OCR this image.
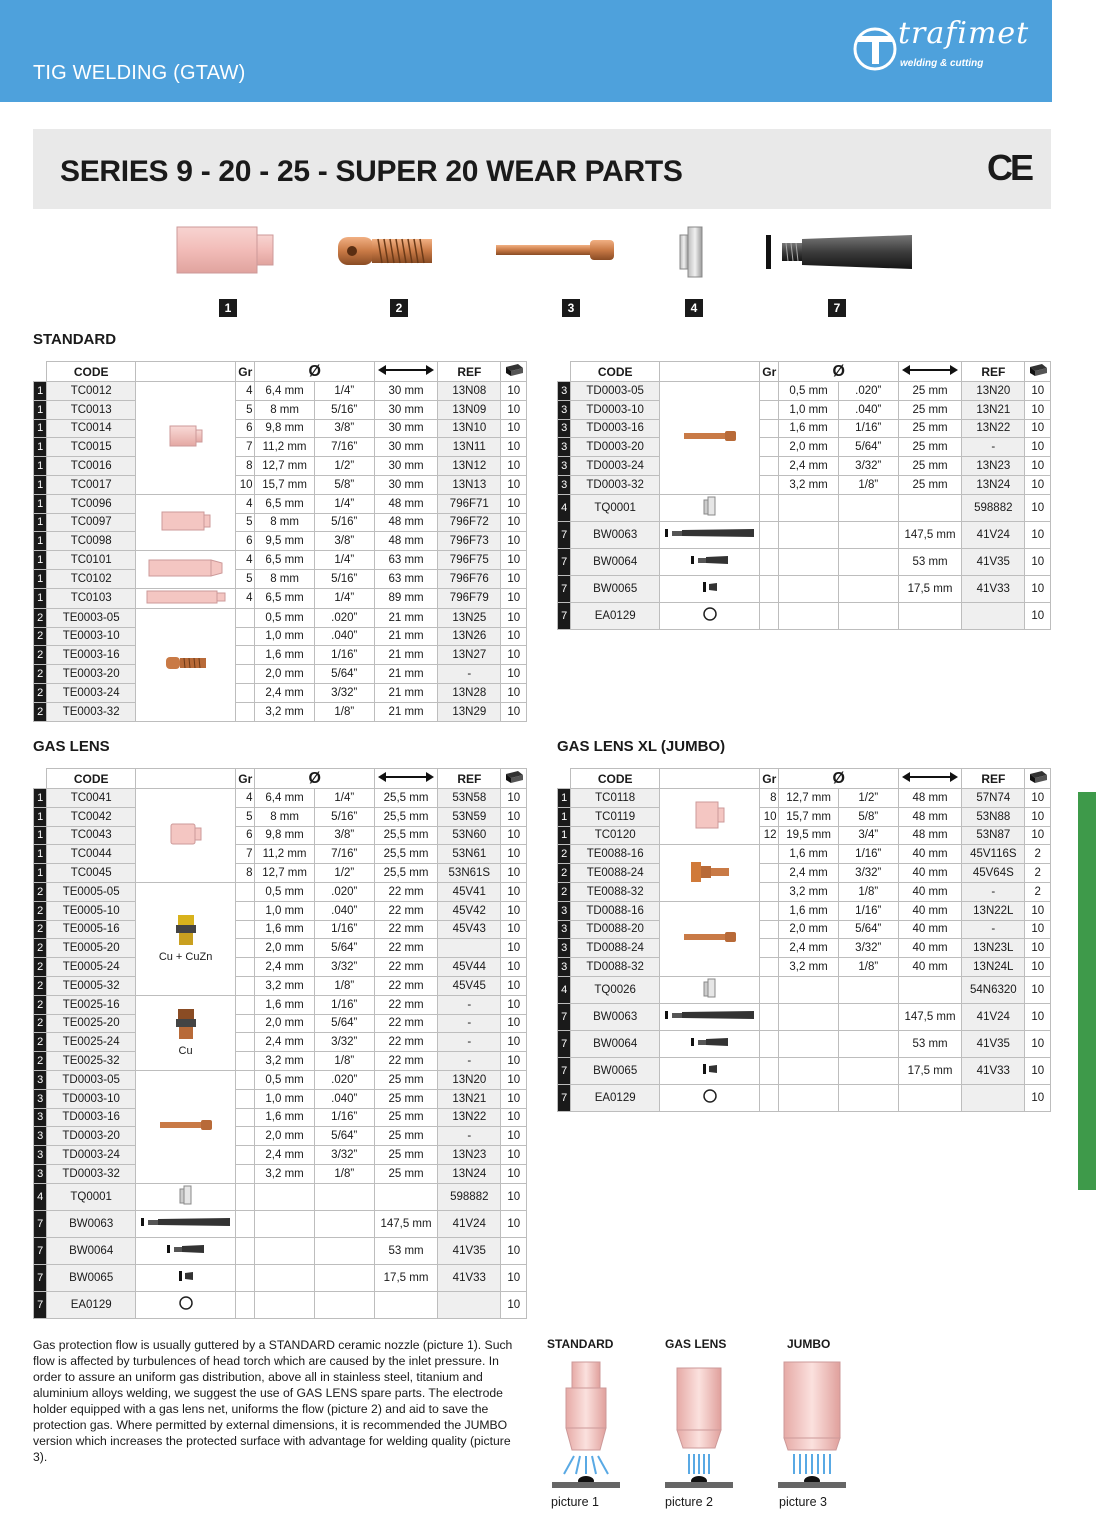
TIG WELDING (GTAW)
trafimet
welding & cutting
SERIES 9 - 20 - 25 - SUPER 20 WEAR PARTS	CE
1	2	3	4	7
STANDARD
GAS LENS	GAS LENS XL (JUMBO)
	CODE		Gr	Ø			REF	
1	TC0012		4	6,4 mm	1/4”	30 mm	13N08	10
1	TC0013		5	8 mm	5/16”	30 mm	13N09	10
1	TC0014		6	9,8 mm	3/8”	30 mm	13N10	10
1	TC0015		7	11,2 mm	7/16”	30 mm	13N11	10
1	TC0016		8	12,7 mm	1/2”	30 mm	13N12	10
1	TC0017		10	15,7 mm	5/8”	30 mm	13N13	10
1	TC0096		4	6,5 mm	1/4”	48 mm	796F71	10
1	TC0097		5	8 mm	5/16”	48 mm	796F72	10
1	TC0098		6	9,5 mm	3/8”	48 mm	796F73	10
1	TC0101		4	6,5 mm	1/4”	63 mm	796F75	10
1	TC0102		5	8 mm	5/16”	63 mm	796F76	10
1	TC0103		4	6,5 mm	1/4”	89 mm	796F79	10
2	TE0003-05			0,5 mm	.020”	21 mm	13N25	10
2	TE0003-10			1,0 mm	.040”	21 mm	13N26	10
2	TE0003-16			1,6 mm	1/16”	21 mm	13N27	10
2	TE0003-20			2,0 mm	5/64”	21 mm	-	10
2	TE0003-24			2,4 mm	3/32”	21 mm	13N28	10
2	TE0003-32			3,2 mm	1/8”	21 mm	13N29	10
	CODE		Gr	Ø			REF	
3	TD0003-05			0,5 mm	.020”	25 mm	13N20	10
3	TD0003-10			1,0 mm	.040”	25 mm	13N21	10
3	TD0003-16			1,6 mm	1/16”	25 mm	13N22	10
3	TD0003-20			2,0 mm	5/64”	25 mm	-	10
3	TD0003-24			2,4 mm	3/32”	25 mm	13N23	10
3	TD0003-32			3,2 mm	1/8”	25 mm	13N24	10
4	TQ0001						598882	10
7	BW0063					147,5 mm	41V24	10
7	BW0064					53 mm	41V35	10
7	BW0065					17,5 mm	41V33	10
7	EA0129							10
	CODE		Gr	Ø			REF	
1	TC0041		4	6,4 mm	1/4”	25,5 mm	53N58	10
1	TC0042		5	8 mm	5/16”	25,5 mm	53N59	10
1	TC0043		6	9,8 mm	3/8”	25,5 mm	53N60	10
1	TC0044		7	11,2 mm	7/16”	25,5 mm	53N61	10
1	TC0045		8	12,7 mm	1/2”	25,5 mm	53N61S	10
2	TE0005-05	Cu + CuZn		0,5 mm	.020”	22 mm	45V41	10
2	TE0005-10			1,0 mm	.040”	22 mm	45V42	10
2	TE0005-16			1,6 mm	1/16”	22 mm	45V43	10
2	TE0005-20			2,0 mm	5/64”	22 mm		10
2	TE0005-24			2,4 mm	3/32”	22 mm	45V44	10
2	TE0005-32			3,2 mm	1/8”	22 mm	45V45	10
2	TE0025-16	Cu		1,6 mm	1/16”	22 mm	-	10
2	TE0025-20			2,0 mm	5/64”	22 mm	-	10
2	TE0025-24			2,4 mm	3/32”	22 mm	-	10
2	TE0025-32			3,2 mm	1/8”	22 mm	-	10
3	TD0003-05			0,5 mm	.020”	25 mm	13N20	10
3	TD0003-10			1,0 mm	.040”	25 mm	13N21	10
3	TD0003-16			1,6 mm	1/16”	25 mm	13N22	10
3	TD0003-20			2,0 mm	5/64”	25 mm	-	10
3	TD0003-24			2,4 mm	3/32”	25 mm	13N23	10
3	TD0003-32			3,2 mm	1/8”	25 mm	13N24	10
4	TQ0001						598882	10
7	BW0063					147,5 mm	41V24	10
7	BW0064					53 mm	41V35	10
7	BW0065					17,5 mm	41V33	10
7	EA0129							10
	CODE		Gr	Ø			REF	
1	TC0118		8	12,7 mm	1/2”	48 mm	57N74	10
1	TC0119		10	15,7 mm	5/8”	48 mm	53N88	10
1	TC0120		12	19,5 mm	3/4”	48 mm	53N87	10
2	TE0088-16			1,6 mm	1/16”	40 mm	45V116S	2
2	TE0088-24			2,4 mm	3/32”	40 mm	45V64S	2
2	TE0088-32			3,2 mm	1/8”	40 mm	-	2
3	TD0088-16			1,6 mm	1/16”	40 mm	13N22L	10
3	TD0088-20			2,0 mm	5/64”	40 mm	-	10
3	TD0088-24			2,4 mm	3/32”	40 mm	13N23L	10
3	TD0088-32			3,2 mm	1/8”	40 mm	13N24L	10
4	TQ0026						54N6320	10
7	BW0063					147,5 mm	41V24	10
7	BW0064					53 mm	41V35	10
7	BW0065					17,5 mm	41V33	10
7	EA0129							10
Gas protection flow is usually guttered by a STANDARD ceramic nozzle (picture 1). Such flow is affected by turbulences of head torch which are caused by the inlet pressure. In order to assure an uniform gas distribution, above all in stainless steel, titanium and aluminium alloys welding, we suggest the use of GAS LENS spare parts. The electrode holder equipped with a gas lens net, uniforms the flow (picture 2) and aid to save the protection gas. Where permitted by external dimensions, it is recommended the JUMBO version which increases the protected surface with advantage for welding quality (picture 3).
STANDARD	GAS LENS	JUMBO
picture 1	picture 2	picture 3
